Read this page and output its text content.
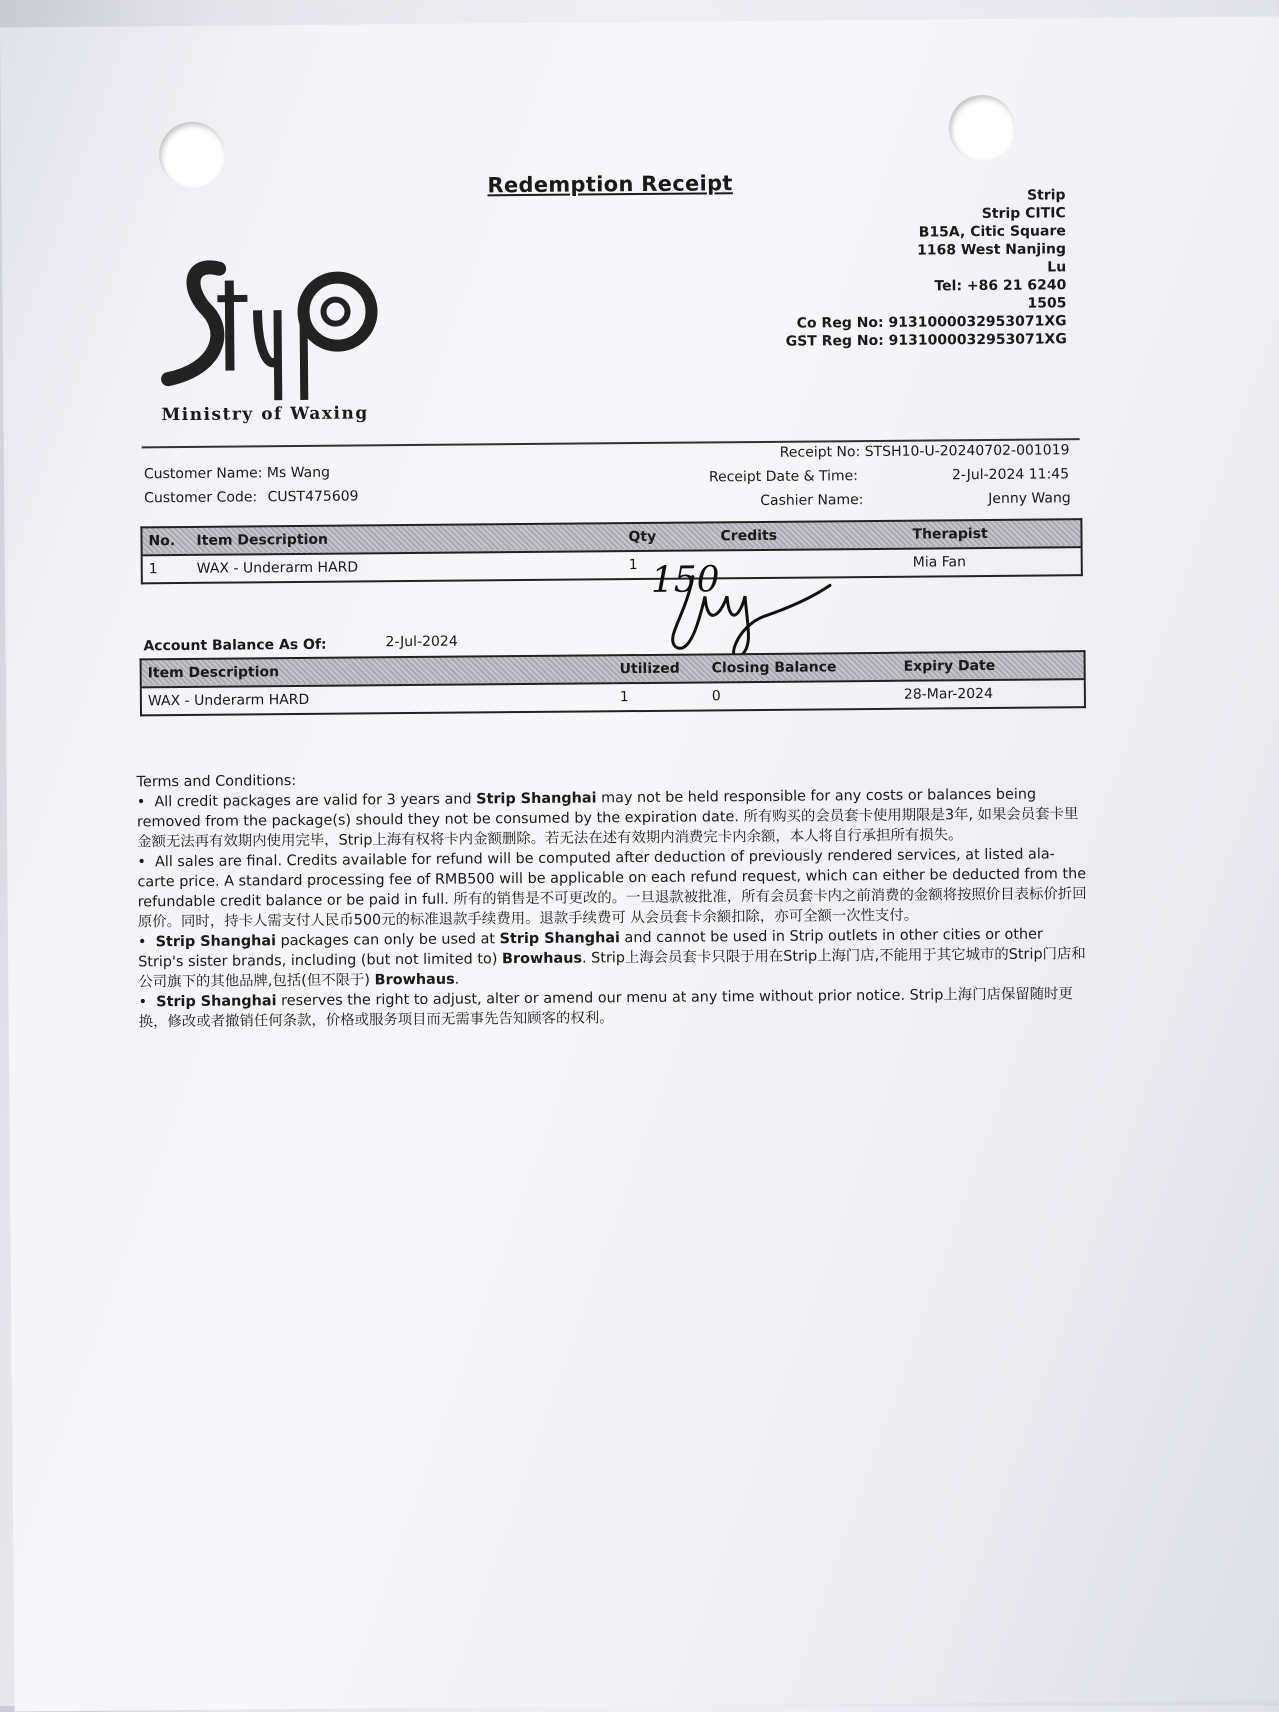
Redemption Receipt
Ministry of Waxing
Strip
Strip CITIC
B15A, Citic Square
1168 West Nanjing
Lu
Tel: +86 21 6240
1505
Co Reg No: 9131000032953071XG
GST Reg No: 9131000032953071XG
Customer Name: Ms Wang
Customer Code: CUST475609
Receipt No: STSH10-U-20240702-001019
Receipt Date & Time:	2-Jul-2024 11:45
Cashier Name:	Jenny Wang
No.	Item Description	Qty	Credits	Therapist
1	WAX - Underarm HARD	1		Mia Fan
150
Account Balance As Of:	2-Jul-2024
Item Description	Utilized	Closing Balance	Expiry Date
WAX - Underarm HARD	1	0	28-Mar-2024

Terms and Conditions:

•  All credit packages are valid for 3 years and Strip Shanghai may not be held responsible for any costs or balances being removed from the package(s) should they not be consumed by the expiration date. 所有购买的会员套卡使用期限是3年, 如果会员套卡里金额无法再有效期内使用完毕，Strip上海有权将卡内金额删除。若无法在述有效期内消费完卡内余额，本人将自行承担所有损失。

•  All sales are final. Credits available for refund will be computed after deduction of previously rendered services, at listed ala-carte price. A standard processing fee of RMB500 will be applicable on each refund request, which can either be deducted from the refundable credit balance or be paid in full. 所有的销售是不可更改的。一旦退款被批准，所有会员套卡内之前消费的金额将按照价目表标价折回原价。同时，持卡人需支付人民币500元的标准退款手续费用。退款手续费可 从会员套卡余额扣除，亦可全额一次性支付。

•  Strip Shanghai packages can only be used at Strip Shanghai and cannot be used in Strip outlets in other cities or other Strip's sister brands, including (but not limited to) Browhaus. Strip上海会员套卡只限于用在Strip上海门店,不能用于其它城市的Strip门店和 公司旗下的其他品牌,包括(但不限于) Browhaus.

•  Strip Shanghai reserves the right to adjust, alter or amend our menu at any time without prior notice. Strip上海门店保留随时更换，修改或者撤销任何条款，价格或服务项目而无需事先告知顾客的权利。
